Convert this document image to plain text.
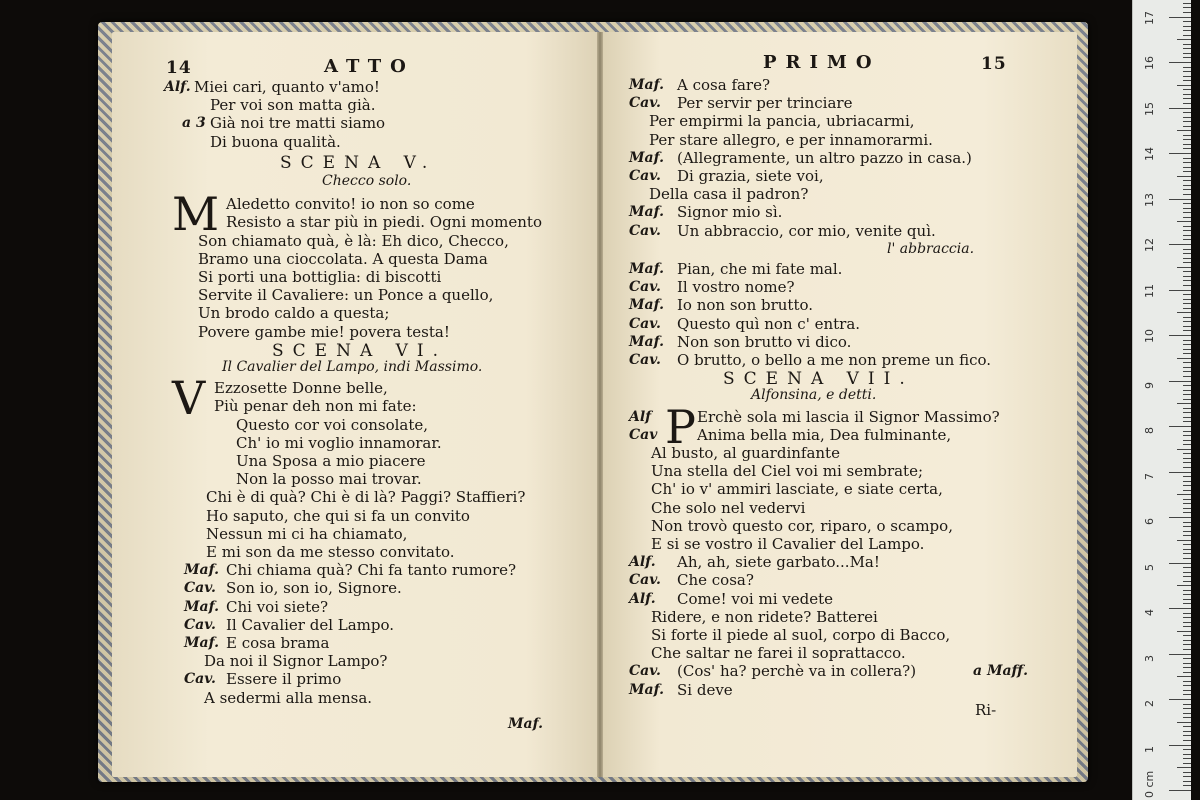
14	ATTO
Alf. Miei cari, quanto v'amo!
Per voi son matta già.
a 3 Già noi tre matti siamo
Di buona qualità.
SCENA V.
Checco solo.
M Aledetto convito! io non so come
Resisto a star più in piedi. Ogni momento
Son chiamato quà, è là: Eh dico, Checco,
Bramo una cioccolata. A questa Dama
Si porti una bottiglia: di biscotti
Servite il Cavaliere: un Ponce a quello,
Un brodo caldo a questa;
Povere gambe mie! povera testa!
SCENA VI.
Il Cavalier del Lampo, indi Massimo.
V Ezzosette Donne belle,
Più penar deh non mi fate:
Questo cor voi consolate,
Ch' io mi voglio innamorar.
Una Sposa a mio piacere
Non la posso mai trovar.
Chi è di quà? Chi è di là? Paggi? Staffieri?
Ho saputo, che qui si fa un convito
Nessun mi ci ha chiamato,
E mi son da me stesso convitato.
Maf. Chi chiama quà? Chi fa tanto rumore?
Cav. Son io, son io, Signore.
Maf. Chi voi siete?
Cav. Il Cavalier del Lampo.
Maf. E cosa brama
Da noi il Signor Lampo?
Cav. Essere il primo
A sedermi alla mensa.
Maf.
PRIMO	15
Maf. A cosa fare?
Cav. Per servir per trinciare
Per empirmi la pancia, ubriacarmi,
Per stare allegro, e per innamorarmi.
Maf. (Allegramente, un altro pazzo in casa.)
Cav. Di grazia, siete voi,
Della casa il padron?
Maf. Signor mio sì.
Cav. Un abbraccio, cor mio, venite quì.
l' abbraccia.
Maf. Pian, che mi fate mal.
Cav. Il vostro nome?
Maf. Io non son brutto.
Cav. Questo quì non c' entra.
Maf. Non son brutto vi dico.
Cav. O brutto, o bello a me non preme un fico.
SCENA VII.
Alfonsina, e detti.
P
Alf	Erchè sola mi lascia il Signor Massimo?
Cav	Anima bella mia, Dea fulminante,
Al busto, al guardinfante
Una stella del Ciel voi mi sembrate;
Ch' io v' ammiri lasciate, e siate certa,
Che solo nel vedervi
Non trovò questo cor, riparo, o scampo,
E si se vostro il Cavalier del Lampo.
Alf. Ah, ah, siete garbato...Ma!
Cav. Che cosa?
Alf. Come! voi mi vedete
Ridere, e non ridete? Batterei
Si forte il piede al suol, corpo di Bacco,
Che saltar ne farei il soprattacco.
Cav. (Cos' ha? perchè va in collera?)
Maf. Si deve
a Maff.
Ri-
17
16
15
14
13
12
11
10
9
8
7
6
5
4
3
2
1
0 cm
